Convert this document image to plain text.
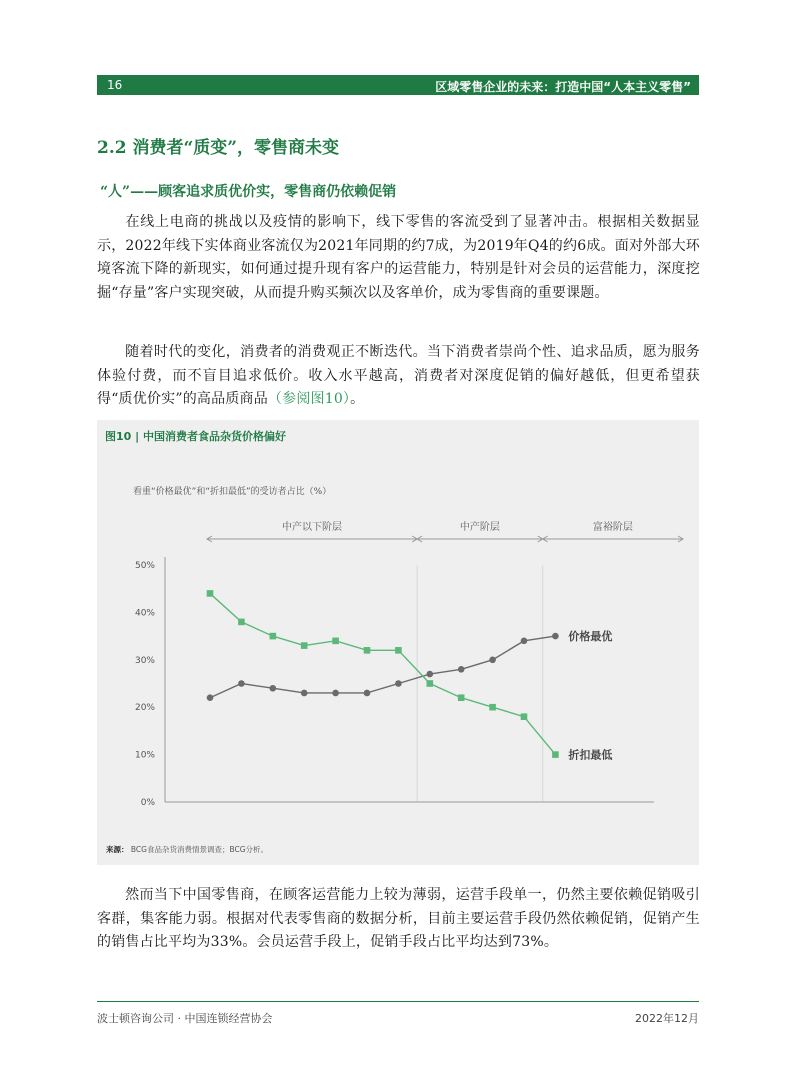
16	区域零售企业的未来：打造中国“人本主义零售”
2.2 消费者“质变”，零售商未变
“人”——顾客追求质优价实，零售商仍依赖促销
在线上电商的挑战以及疫情的影响下，线下零售的客流受到了显著冲击。根据相关数据显示，2022年线下实体商业客流仅为2021年同期的约7成，为2019年Q4的约6成。面对外部大环境客流下降的新现实，如何通过提升现有客户的运营能力，特别是针对会员的运营能力，深度挖掘“存量”客户实现突破，从而提升购买频次以及客单价，成为零售商的重要课题。
随着时代的变化，消费者的消费观正不断迭代。当下消费者崇尚个性、追求品质，愿为服务体验付费，而不盲目追求低价。收入水平越高，消费者对深度促销的偏好越低，但更希望获得“质优价实”的高品质商品（参阅图10）。
图10 | 中国消费者食品杂货价格偏好
看重“价格最优”和“折扣最低”的受访者占比（%）
中产以下阶层	中产阶层	富裕阶层
0%
10%
20%
30%
40%
50%
价格最优
折扣最低
来源： BCG食品杂货消费情景调查；BCG分析。
然而当下中国零售商，在顾客运营能力上较为薄弱，运营手段单一，仍然主要依赖促销吸引客群，集客能力弱。根据对代表零售商的数据分析，目前主要运营手段仍然依赖促销，促销产生的销售占比平均为33%。会员运营手段上，促销手段占比平均达到73%。
波士顿咨询公司 · 中国连锁经营协会	2022年12月
